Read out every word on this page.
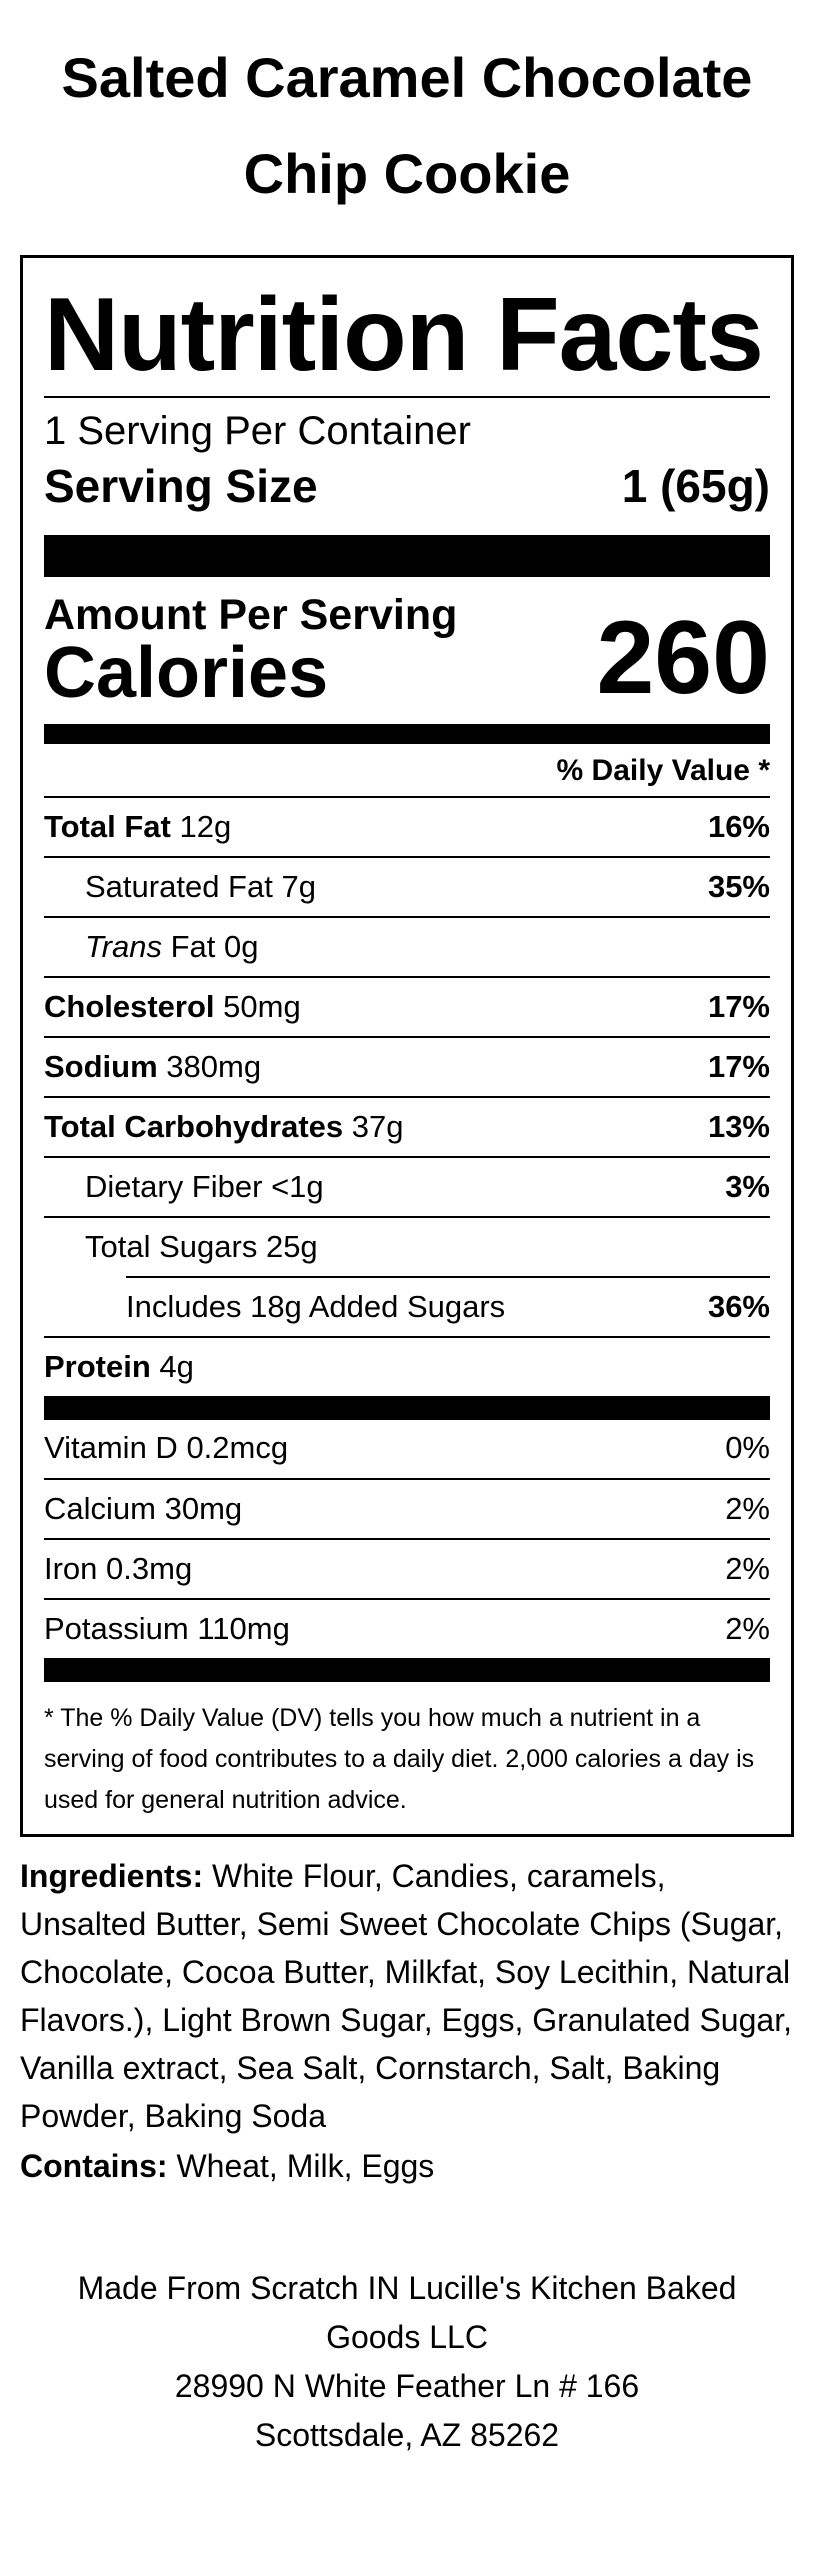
Salted Caramel Chocolate
Chip Cookie
Nutrition Facts
1 Serving Per Container
Serving Size	1 (65g)
Amount Per Serving
Calories	260
% Daily Value *
Total Fat 12g	16%
Saturated Fat 7g	35%
Trans Fat 0g
Cholesterol 50mg	17%
Sodium 380mg	17%
Total Carbohydrates 37g	13%
Dietary Fiber <1g	3%
Total Sugars 25g
Includes 18g Added Sugars	36%
Protein 4g
Vitamin D 0.2mcg	0%
Calcium 30mg	2%
Iron 0.3mg	2%
Potassium 110mg	2%
* The % Daily Value (DV) tells you how much a nutrient in a serving of food contributes to a daily diet. 2,000 calories a day is used for general nutrition advice.
Ingredients: White Flour, Candies, caramels, Unsalted Butter, Semi Sweet Chocolate Chips (Sugar, Chocolate, Cocoa Butter, Milkfat, Soy Lecithin, Natural Flavors.), Light Brown Sugar, Eggs, Granulated Sugar, Vanilla extract, Sea Salt, Cornstarch, Salt, Baking Powder, Baking Soda
Contains: Wheat, Milk, Eggs
Made From Scratch IN Lucille's Kitchen Baked
Goods LLC
28990 N White Feather Ln # 166
Scottsdale, AZ 85262
